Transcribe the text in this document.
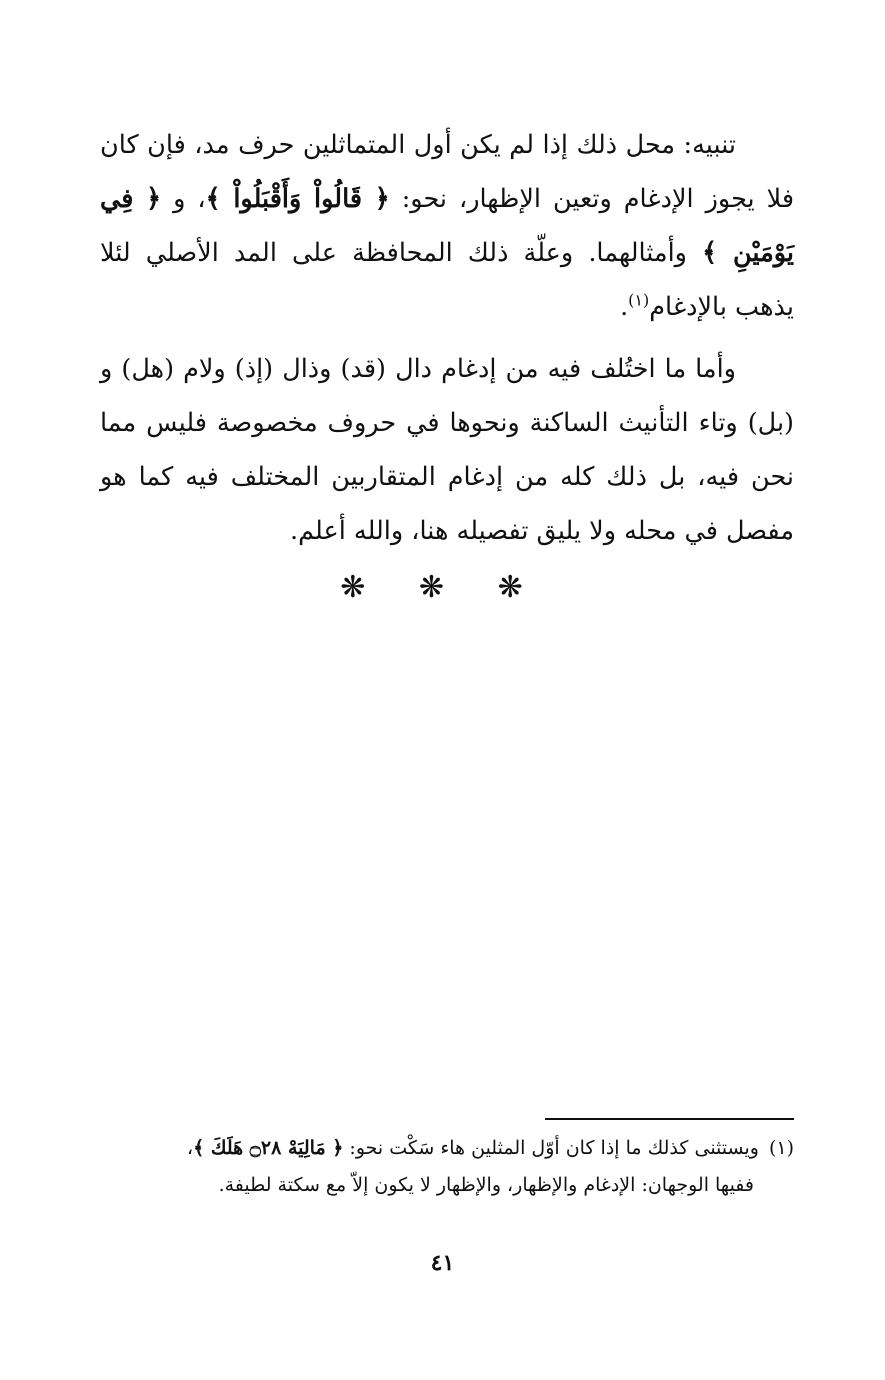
تنبيه: محل ذلك إذا لم يكن أول المتماثلين حرف مد، فإن كان فلا يجوز الإدغام وتعين الإظهار، نحو: ﴿ قَالُواْ وَأَقْبَلُواْ ﴾، و ﴿ فِي يَوْمَيْنِ ﴾ وأمثالهما. وعلّة ذلك المحافظة على المد الأصلي لئلا يذهب بالإدغام$^{(١)}$.

وأما ما اختُلف فيه من إدغام دال (قد) وذال (إذ) ولام (هل) و (بل) وتاء التأنيث الساكنة ونحوها في حروف مخصوصة فليس مما نحن فيه، بل ذلك كله من إدغام المتقاربين المختلف فيه كما هو مفصل في محله ولا يليق تفصيله هنا، والله أعلم.

❋ ❋ ❋
(١)ويستثنى كذلك ما إذا كان أوّل المثلين هاء سَكْت نحو: ﴿ مَالِيَهْ ۝٢٨ هَلَكَ ﴾،
ففيها الوجهان: الإدغام والإظهار، والإظهار لا يكون إلاّ مع سكتة لطيفة.
٤١
